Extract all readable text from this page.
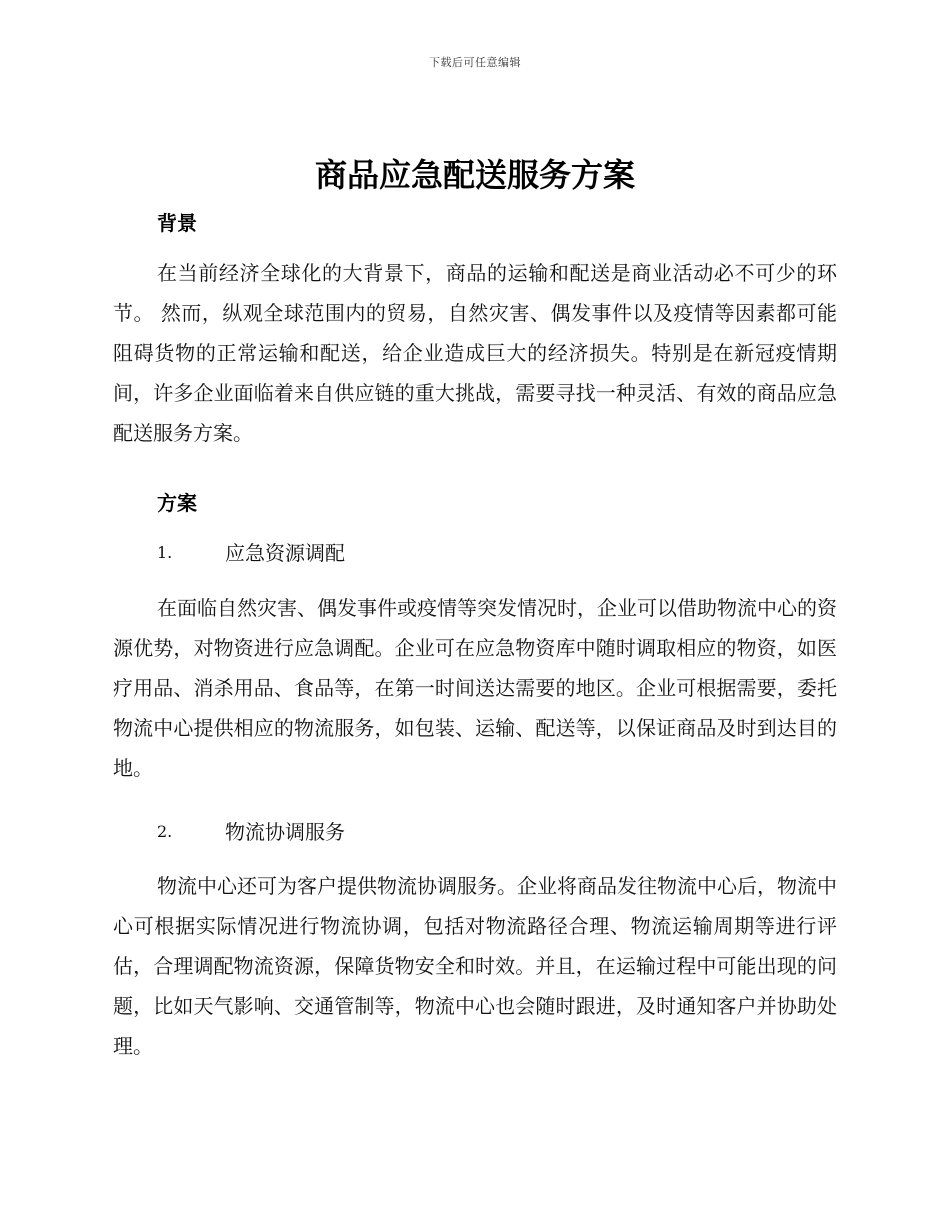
下载后可任意编辑
商品应急配送服务方案
背景

在当前经济全球化的大背景下，商品的运输和配送是商业活动必不可少的环节。 然而，纵观全球范围内的贸易，自然灾害、偶发事件以及疫情等因素都可能阻碍货物的正常运输和配送，给企业造成巨大的经济损失。特别是在新冠疫情期间，许多企业面临着来自供应链的重大挑战，需要寻找一种灵活、有效的商品应急配送服务方案。

方案
1.	应急资源调配

在面临自然灾害、偶发事件或疫情等突发情况时，企业可以借助物流中心的资源优势，对物资进行应急调配。企业可在应急物资库中随时调取相应的物资，如医疗用品、消杀用品、食品等，在第一时间送达需要的地区。企业可根据需要，委托物流中心提供相应的物流服务，如包装、运输、配送等，以保证商品及时到达目的地。

2.	物流协调服务

物流中心还可为客户提供物流协调服务。企业将商品发往物流中心后，物流中心可根据实际情况进行物流协调，包括对物流路径合理、物流运输周期等进行评估，合理调配物流资源，保障货物安全和时效。并且，在运输过程中可能出现的问题，比如天气影响、交通管制等，物流中心也会随时跟进，及时通知客户并协助处理。
